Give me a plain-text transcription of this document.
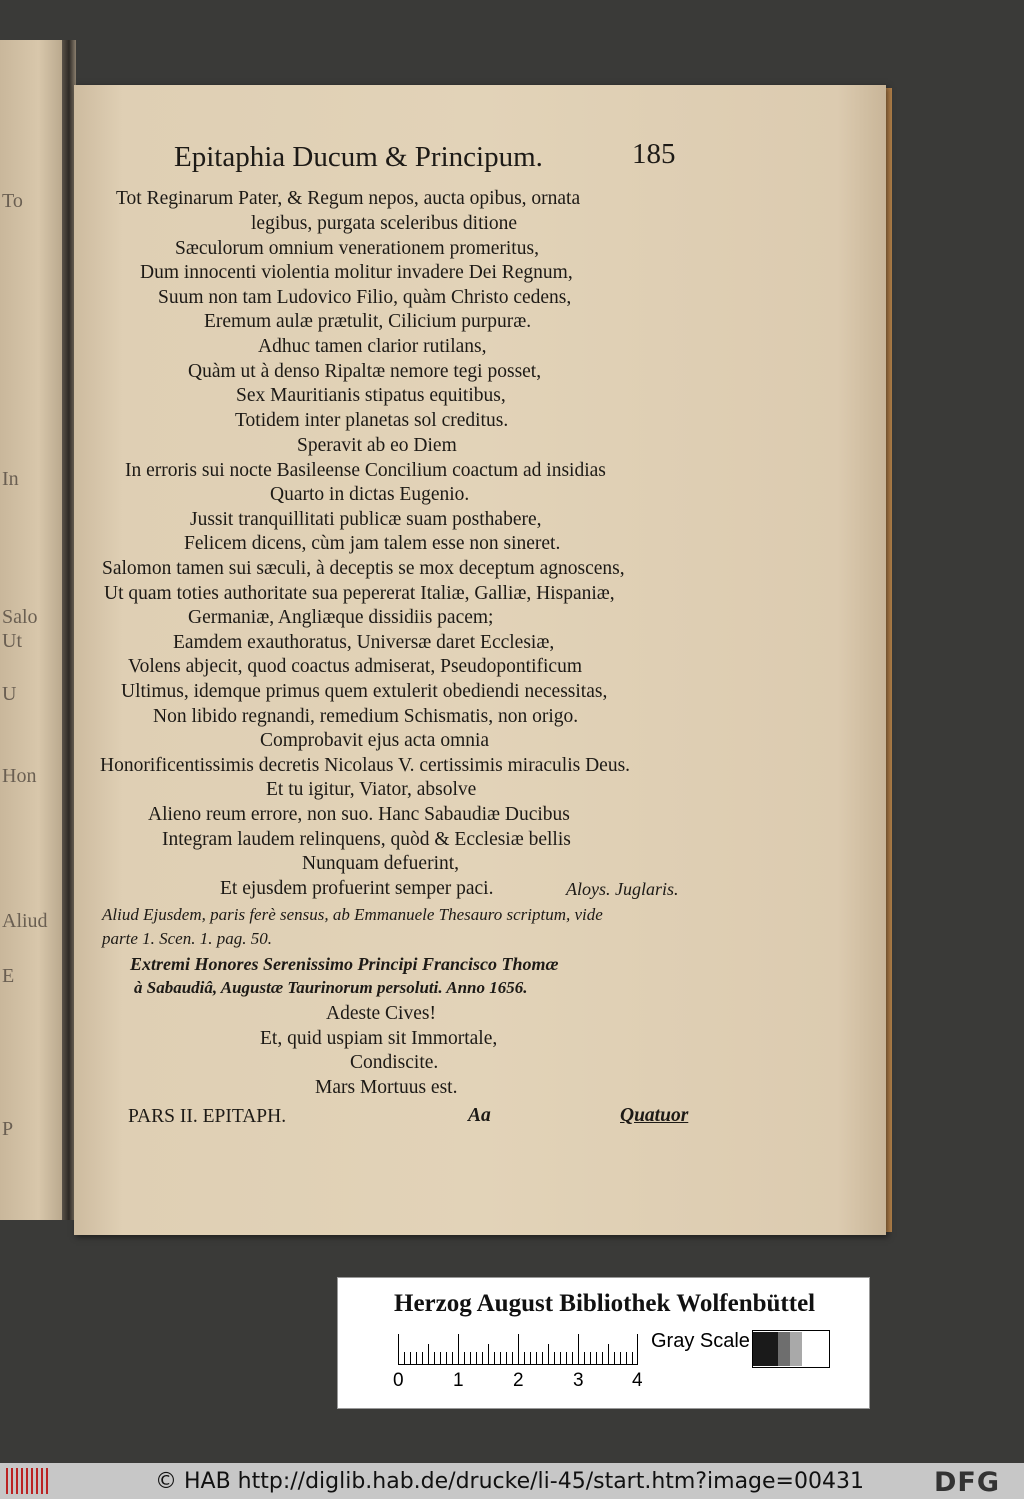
To
In
Salo
Ut
U
Hon
Aliud
E
P
Epitaphia Ducum & Principum.	185
Tot Reginarum Pater, & Regum nepos, aucta opibus, ornata
legibus, purgata sceleribus ditione
Sæculorum omnium venerationem promeritus,
Dum innocenti violentia molitur invadere Dei Regnum,
Suum non tam Ludovico Filio, quàm Christo cedens,
Eremum aulæ prætulit, Cilicium purpuræ.
Adhuc tamen clarior rutilans,
Quàm ut à denso Ripaltæ nemore tegi posset,
Sex Mauritianis stipatus equitibus,
Totidem inter planetas sol creditus.
Speravit ab eo Diem
In erroris sui nocte Basileense Concilium coactum ad insidias
Quarto in dictas Eugenio.
Jussit tranquillitati publicæ suam posthabere,
Felicem dicens, cùm jam talem esse non sineret.
Salomon tamen sui sæculi, à deceptis se mox deceptum agnoscens,
Ut quam toties authoritate sua pepererat Italiæ, Galliæ, Hispaniæ,
Germaniæ, Angliæque dissidiis pacem;
Eamdem exauthoratus, Universæ daret Ecclesiæ,
Volens abjecit, quod coactus admiserat, Pseudopontificum
Ultimus, idemque primus quem extulerit obediendi necessitas,
Non libido regnandi, remedium Schismatis, non origo.
Comprobavit ejus acta omnia
Honorificentissimis decretis Nicolaus V. certissimis miraculis Deus.
Et tu igitur, Viator, absolve
Alieno reum errore, non suo. Hanc Sabaudiæ Ducibus
Integram laudem relinquens, quòd & Ecclesiæ bellis
Nunquam defuerint,
Et ejusdem profuerint semper paci.	Aloys. Juglaris.
Aliud Ejusdem, paris ferè sensus, ab Emmanuele Thesauro scriptum, vide
parte 1. Scen. 1. pag. 50.
Extremi Honores Serenissimo Principi Francisco Thomæ
à Sabaudiâ, Augustæ Taurinorum persoluti. Anno 1656.
Adeste Cives!
Et, quid uspiam sit Immortale,
Condiscite.
Mars Mortuus est.
PARS II. EPITAPH.	Aa	Quatuor
Herzog August Bibliothek Wolfenbüttel
0	1	2	3	4
Gray Scale
© HAB http://diglib.hab.de/drucke/li-45/start.htm?image=00431	DFG
